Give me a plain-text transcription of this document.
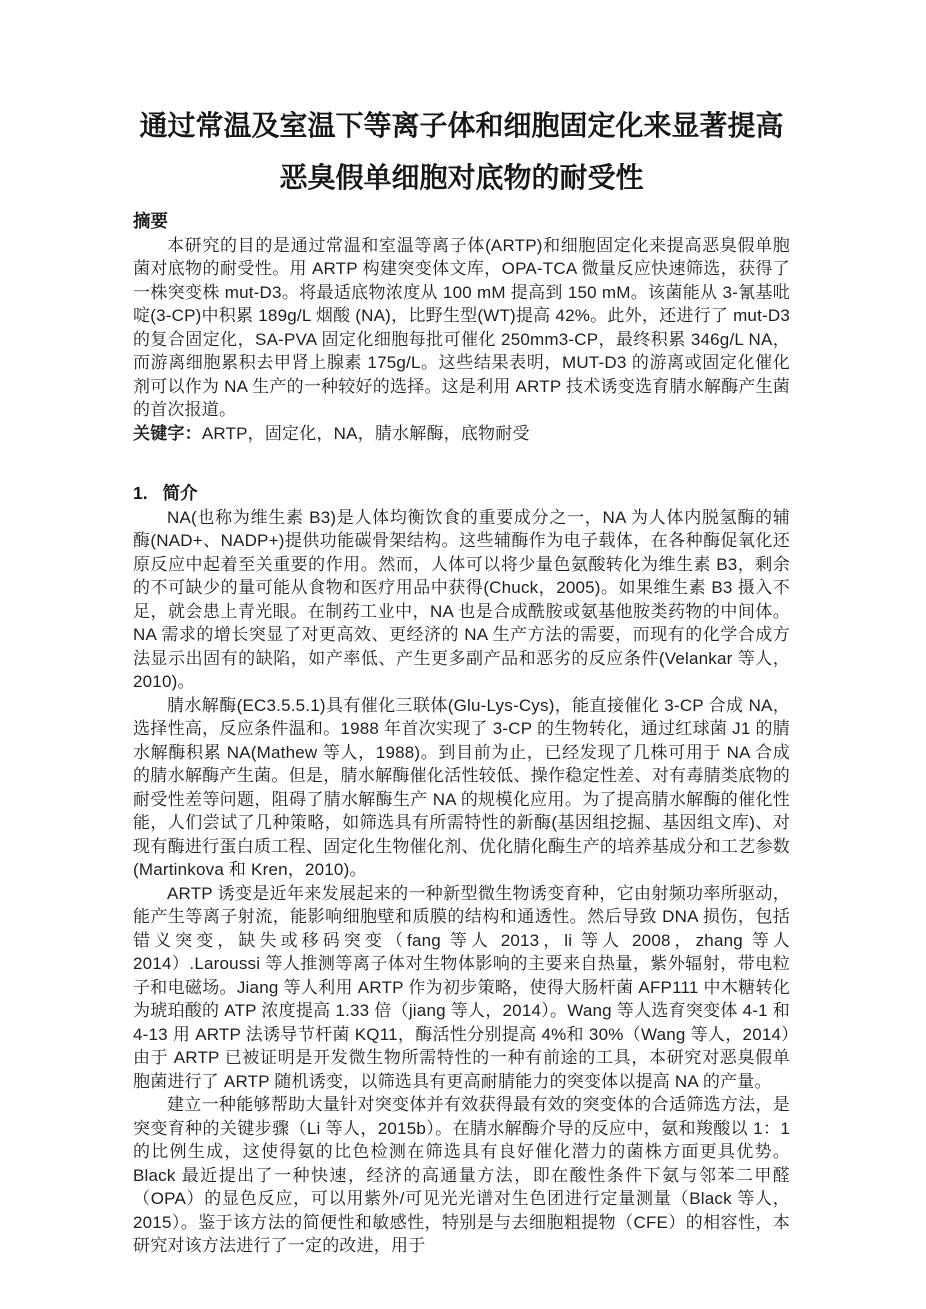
通过常温及室温下等离子体和细胞固定化来显著提高
恶臭假单细胞对底物的耐受性
摘要

本研究的目的是通过常温和室温等离子体(ARTP)和细胞固定化来提高恶臭假单胞菌对底物的耐受性。用 ARTP 构建突变体文库，OPA-TCA 微量反应快速筛选，获得了一株突变株 mut-D3。将最适底物浓度从 100 mM 提高到 150 mM。该菌能从 3-氰基吡啶(3-CP)中积累 189g/L 烟酸 (NA)，比野生型(WT)提高 42%。此外，还进行了 mut-D3 的复合固定化，SA-PVA 固定化细胞每批可催化 250mm3-CP，最终积累 346g/L NA，而游离细胞累积去甲肾上腺素 175g/L。这些结果表明，MUT-D3 的游离或固定化催化剂可以作为 NA 生产的一种较好的选择。这是利用 ARTP 技术诱变选育腈水解酶产生菌的首次报道。

关键字：ARTP，固定化，NA，腈水解酶，底物耐受

1. 简介

NA(也称为维生素 B3)是人体均衡饮食的重要成分之一，NA 为人体内脱氢酶的辅酶(NAD+、NADP+)提供功能碳骨架结构。这些辅酶作为电子载体，在各种酶促氧化还原反应中起着至关重要的作用。然而，人体可以将少量色氨酸转化为维生素 B3，剩余的不可缺少的量可能从食物和医疗用品中获得(Chuck，2005)。如果维生素 B3 摄入不足，就会患上青光眼。在制药工业中，NA 也是合成酰胺或氨基他胺类药物的中间体。NA 需求的增长突显了对更高效、更经济的 NA 生产方法的需要，而现有的化学合成方法显示出固有的缺陷，如产率低、产生更多副产品和恶劣的反应条件(Velankar 等人，2010)。

腈水解酶(EC3.5.5.1)具有催化三联体(Glu-Lys-Cys)，能直接催化 3-CP 合成 NA，选择性高，反应条件温和。1988 年首次实现了 3-CP 的生物转化，通过红球菌 J1 的腈水解酶积累 NA(Mathew 等人，1988)。到目前为止，已经发现了几株可用于 NA 合成的腈水解酶产生菌。但是，腈水解酶催化活性较低、操作稳定性差、对有毒腈类底物的耐受性差等问题，阻碍了腈水解酶生产 NA 的规模化应用。为了提高腈水解酶的催化性能，人们尝试了几种策略，如筛选具有所需特性的新酶(基因组挖掘、基因组文库)、对现有酶进行蛋白质工程、固定化生物催化剂、优化腈化酶生产的培养基成分和工艺参数(Martinkova 和 Kren，2010)。

ARTP 诱变是近年来发展起来的一种新型微生物诱变育种，它由射频功率所驱动，能产生等离子射流，能影响细胞壁和质膜的结构和通透性。然后导致 DNA 损伤，包括错义突变，缺失或移码突变（fang 等人 2013，li 等人 2008，zhang 等人 2014）.Laroussi 等人推测等离子体对生物体影响的主要来自热量，紫外辐射，带电粒子和电磁场。Jiang 等人利用 ARTP 作为初步策略，使得大肠杆菌 AFP111 中木糖转化为琥珀酸的 ATP 浓度提高 1.33 倍（jiang 等人，2014）。Wang 等人选育突变体 4-1 和 4-13 用 ARTP 法诱导节杆菌 KQ11，酶活性分别提高 4%和 30%（Wang 等人，2014）由于 ARTP 已被证明是开发微生物所需特性的一种有前途的工具，本研究对恶臭假单胞菌进行了 ARTP 随机诱变，以筛选具有更高耐腈能力的突变体以提高 NA 的产量。

建立一种能够帮助大量针对突变体并有效获得最有效的突变体的合适筛选方法，是突变育种的关键步骤（Li 等人，2015b）。在腈水解酶介导的反应中，氨和羧酸以 1：1 的比例生成，这使得氨的比色检测在筛选具有良好催化潜力的菌株方面更具优势。Black 最近提出了一种快速，经济的高通量方法，即在酸性条件下氨与邻苯二甲醛（OPA）的显色反应，可以用紫外/可见光光谱对生色团进行定量测量（Black 等人，2015）。鉴于该方法的简便性和敏感性，特别是与去细胞粗提物（CFE）的相容性，本研究对该方法进行了一定的改进，用于
